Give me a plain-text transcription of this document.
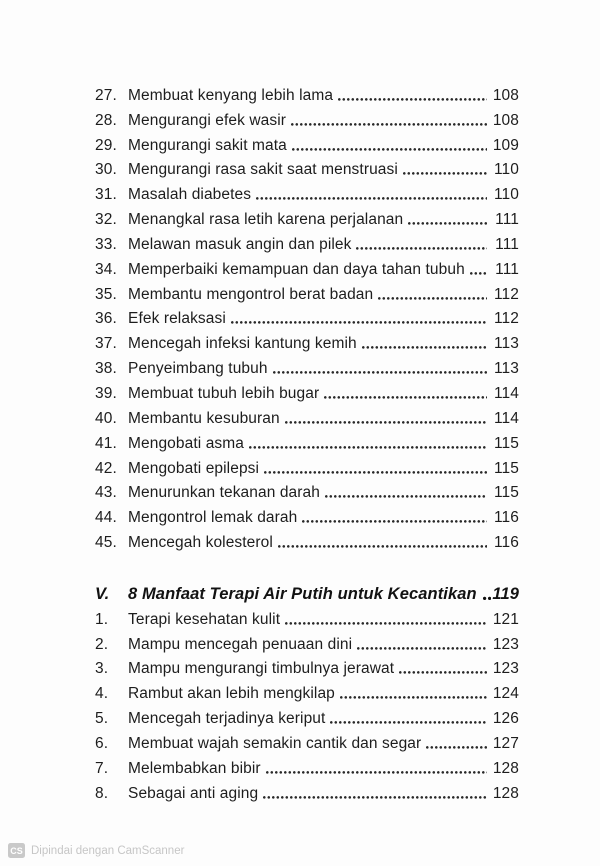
27. Membuat kenyang lebih lama	108
28. Mengurangi efek wasir	108
29. Mengurangi sakit mata	109
30. Mengurangi rasa sakit saat menstruasi	110
31. Masalah diabetes	110
32. Menangkal rasa letih karena perjalanan	111
33. Melawan masuk angin dan pilek	111
34. Memperbaiki kemampuan dan daya tahan tubuh 111
35. Membantu mengontrol berat badan	112
36. Efek relaksasi	112
37. Mencegah infeksi kantung kemih	113
38. Penyeimbang tubuh	113
39. Membuat tubuh lebih bugar	114
40. Membantu kesuburan	114
41. Mengobati asma	115
42. Mengobati epilepsi	115
43. Menurunkan tekanan darah	115
44. Mengontrol lemak darah	116
45. Mencegah kolesterol	116
V.	8 Manfaat Terapi Air Putih untuk Kecantikan 119
1.	Terapi kesehatan kulit	121
2.	Mampu mencegah penuaan dini	123
3.	Mampu mengurangi timbulnya jerawat	123
4.	Rambut akan lebih mengkilap	124
5.	Mencegah terjadinya keriput	126
6.	Membuat wajah semakin cantik dan segar	127
7.	Melembabkan bibir	128
8.	Sebagai anti aging	128
CS Dipindai dengan CamScanner
